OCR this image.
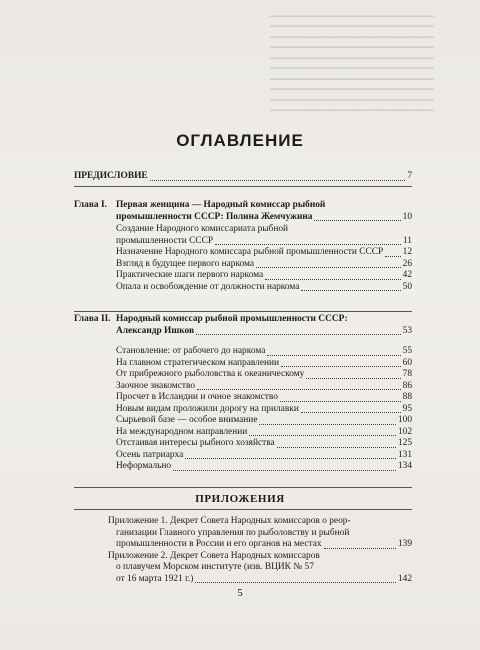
━━━━━━━━━━━━━━━━━━━━━━━━━━━━━━━━
━━━━━━━━━━━━━━━━━━━━━━━━━━━━━━━━
━━━━━━━━━━━━━━━━━━━━━━━━━━━━━━━━
━━━━━━━━━━━━━━━━━━━━━━━━━━━━━━━━
━━━━━━━━━━━━━━━━━━━━━━━━━━━━━━━━
━━━━━━━━━━━━━━━━━━━━━━━━━━━━━━━━
━━━━━━━━━━━━━━━━━━━━━━━━━━━━━━━━
━━━━━━━━━━━━━━━━━━━━━━━━━━━━━━━━
━━━━━━━━━━━━━━━━━━━━━━━━━━━━━━━━
━━━━━━━━━━━━━━━━━━━━━━━━━━━━━━━━

ОГЛАВЛЕНИЕ
ПРЕДИСЛОВИЕ	7
Глава I. Первая женщина — Народный комиссар рыбной
промышленности СССР: Полина Жемчужина	10
Создание Народного комиссариата рыбной
промышленности СССР	11
Назначение Народного комиссара рыбной промышленности СССР 12
Взгляд в будущее первого наркома	26
Практические шаги первого наркома	42
Опала и освобождение от должности наркома	50
Глава II. Народный комиссар рыбной промышленности СССР:
Александр Ишков	53
Становление: от рабочего до наркома	55
На главном стратегическом направлении	60
От прибрежного рыболовства к океаническому	78
Заочное знакомство	86
Просчет в Исландии и очное знакомство	88
Новым видам проложили дорогу на прилавки	95
Сырьевой базе — особое внимание	100
На международном направлении	102
Отстаивая интересы рыбного хозяйства	125
Осень патриарха	131
Неформально	134
ПРИЛОЖЕНИЯ
Приложение 1.
Декрет Совета Народных комиссаров о реор-
ганизации Главного управления по рыболовству и рыбной
промышленности в России и его органов на местах	139
Приложение 2.
Декрет Совета Народных комиссаров
о плавучем Морском институте (изв. ВЦИК № 57
от 16 марта 1921 г.)	142
5
